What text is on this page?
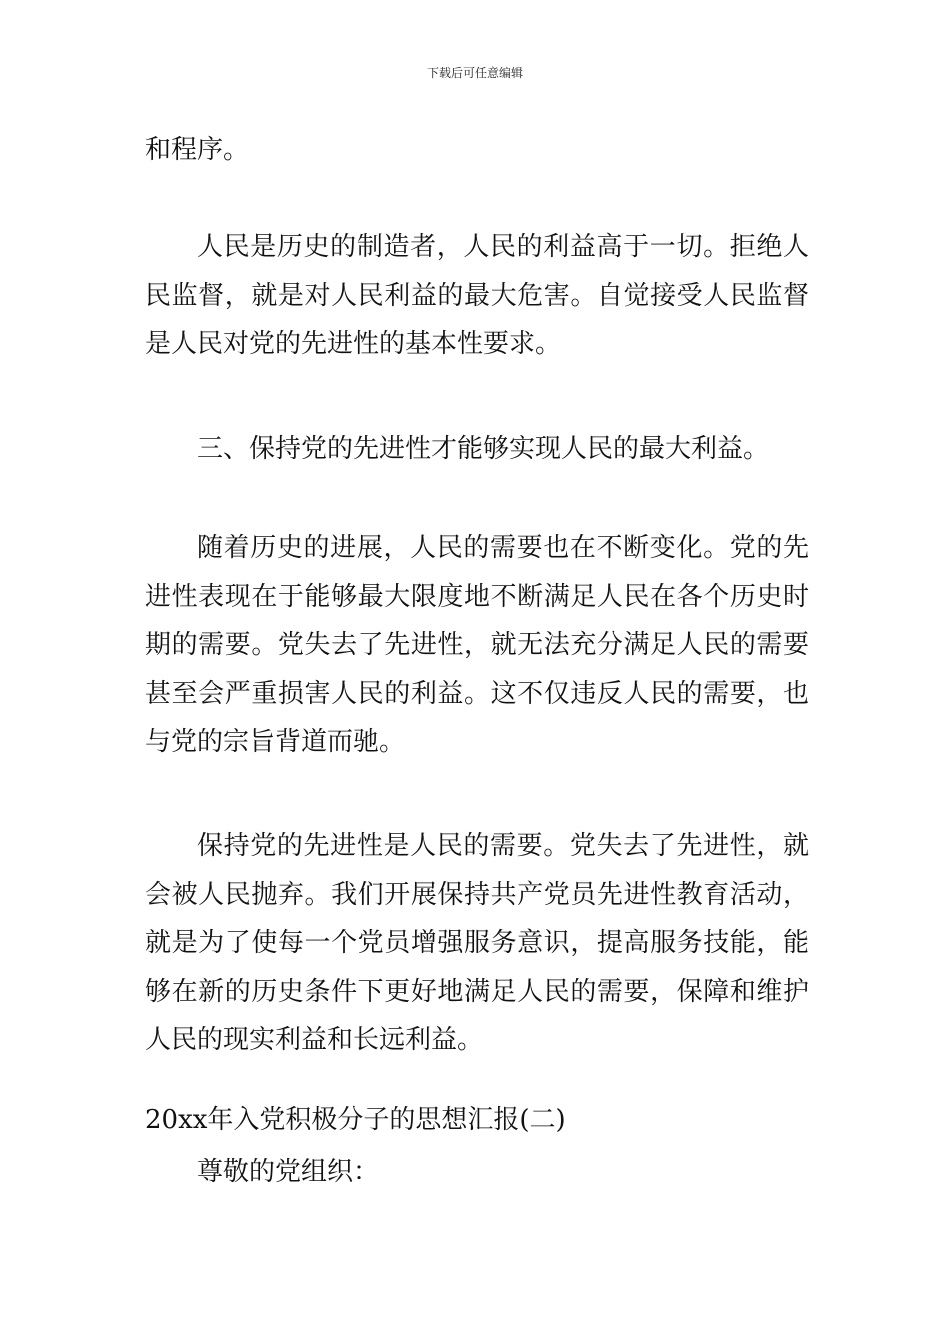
下载后可任意编辑

和程序。

人民是历史的制造者，人民的利益高于一切。拒绝人民监督，就是对人民利益的最大危害。自觉接受人民监督是人民对党的先进性的基本性要求。

三、保持党的先进性才能够实现人民的最大利益。

随着历史的进展，人民的需要也在不断变化。党的先进性表现在于能够最大限度地不断满足人民在各个历史时期的需要。党失去了先进性，就无法充分满足人民的需要甚至会严重损害人民的利益。这不仅违反人民的需要，也与党的宗旨背道而驰。

保持党的先进性是人民的需要。党失去了先进性，就会被人民抛弃。我们开展保持共产党员先进性教育活动，就是为了使每一个党员增强服务意识，提高服务技能，能够在新的历史条件下更好地满足人民的需要，保障和维护人民的现实利益和长远利益。

20xx年入党积极分子的思想汇报(二)

尊敬的党组织：
